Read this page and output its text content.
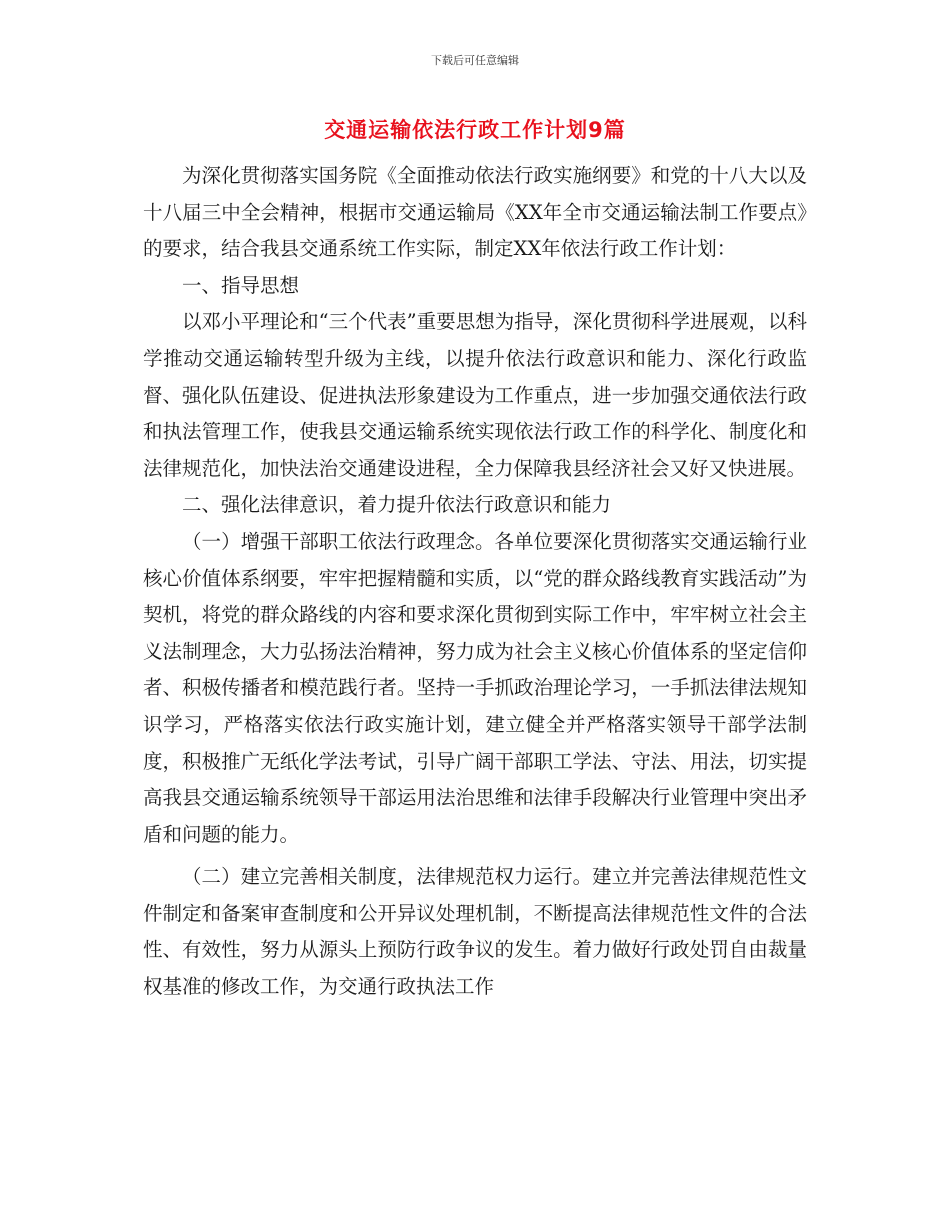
下载后可任意编辑
交通运输依法行政工作计划9篇

为深化贯彻落实国务院《全面推动依法行政实施纲要》和党的十八大以及十八届三中全会精神，根据市交通运输局《XX年全市交通运输法制工作要点》的要求，结合我县交通系统工作实际，制定XX年依法行政工作计划：

一、指导思想

以邓小平理论和“三个代表”重要思想为指导，深化贯彻科学进展观，以科学推动交通运输转型升级为主线，以提升依法行政意识和能力、深化行政监督、强化队伍建设、促进执法形象建设为工作重点，进一步加强交通依法行政和执法管理工作，使我县交通运输系统实现依法行政工作的科学化、制度化和法律规范化，加快法治交通建设进程，全力保障我县经济社会又好又快进展。

二、强化法律意识，着力提升依法行政意识和能力

（一）增强干部职工依法行政理念。各单位要深化贯彻落实交通运输行业核心价值体系纲要，牢牢把握精髓和实质，以“党的群众路线教育实践活动”为契机，将党的群众路线的内容和要求深化贯彻到实际工作中，牢牢树立社会主义法制理念，大力弘扬法治精神，努力成为社会主义核心价值体系的坚定信仰者、积极传播者和模范践行者。坚持一手抓政治理论学习，一手抓法律法规知识学习，严格落实依法行政实施计划，建立健全并严格落实领导干部学法制度，积极推广无纸化学法考试，引导广阔干部职工学法、守法、用法，切实提高我县交通运输系统领导干部运用法治思维和法律手段解决行业管理中突出矛盾和问题的能力。

（二）建立完善相关制度，法律规范权力运行。建立并完善法律规范性文件制定和备案审查制度和公开异议处理机制，不断提高法律规范性文件的合法性、有效性，努力从源头上预防行政争议的发生。着力做好行政处罚自由裁量权基准的修改工作，为交通行政执法工作
